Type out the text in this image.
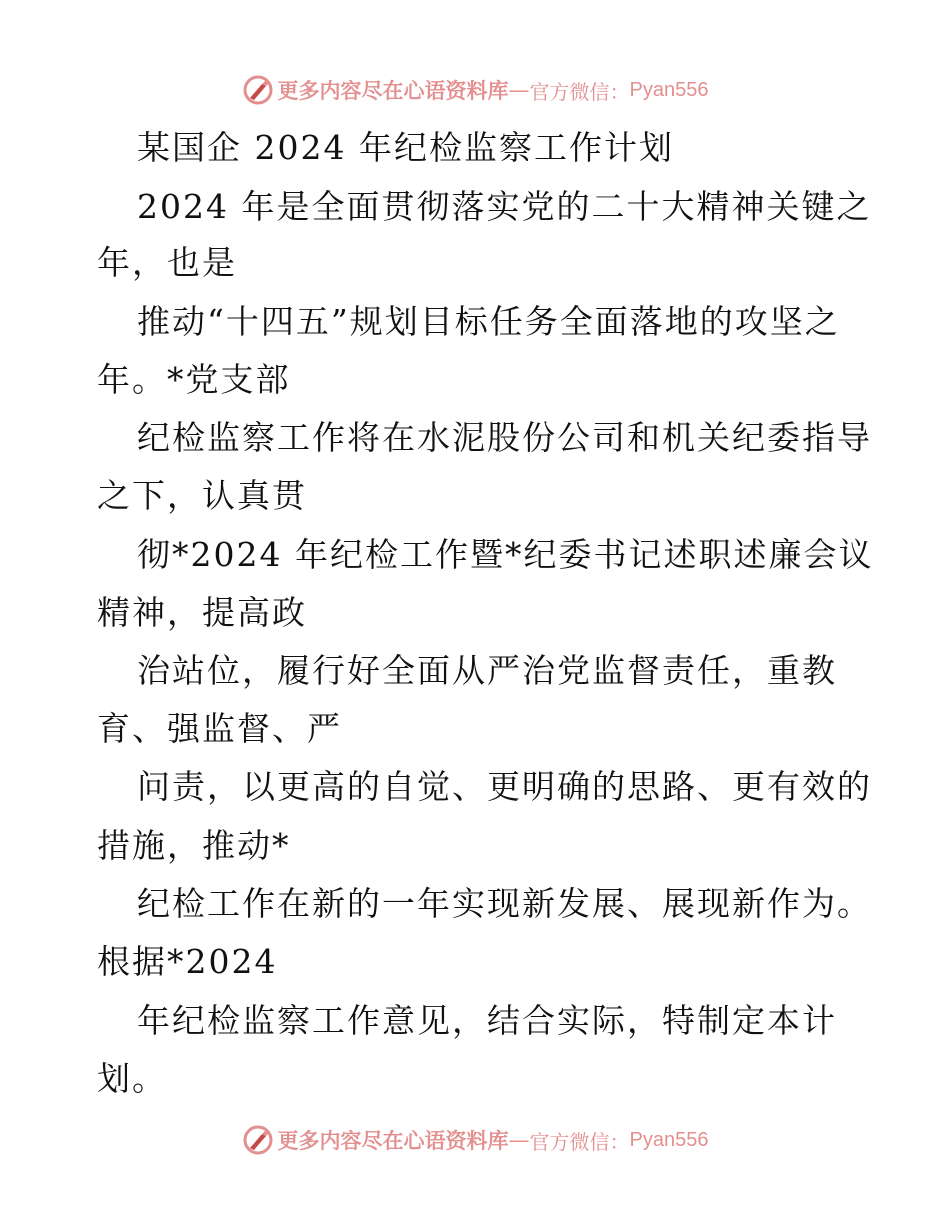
更多内容尽在心语资料库 — 官方微信： Pyan556
某国企 2024 年纪检监察工作计划
2024 年是全面贯彻落实党的二十大精神关键之
年，也是
推动“十四五”规划目标任务全面落地的攻坚之
年。*党支部
纪检监察工作将在水泥股份公司和机关纪委指导
之下，认真贯
彻*2024 年纪检工作暨*纪委书记述职述廉会议
精神，提高政
治站位，履行好全面从严治党监督责任，重教
育、强监督、严
问责，以更高的自觉、更明确的思路、更有效的
措施，推动*
纪检工作在新的一年实现新发展、展现新作为。
根据*2024
年纪检监察工作意见，结合实际，特制定本计
划。
更多内容尽在心语资料库 — 官方微信： Pyan556
